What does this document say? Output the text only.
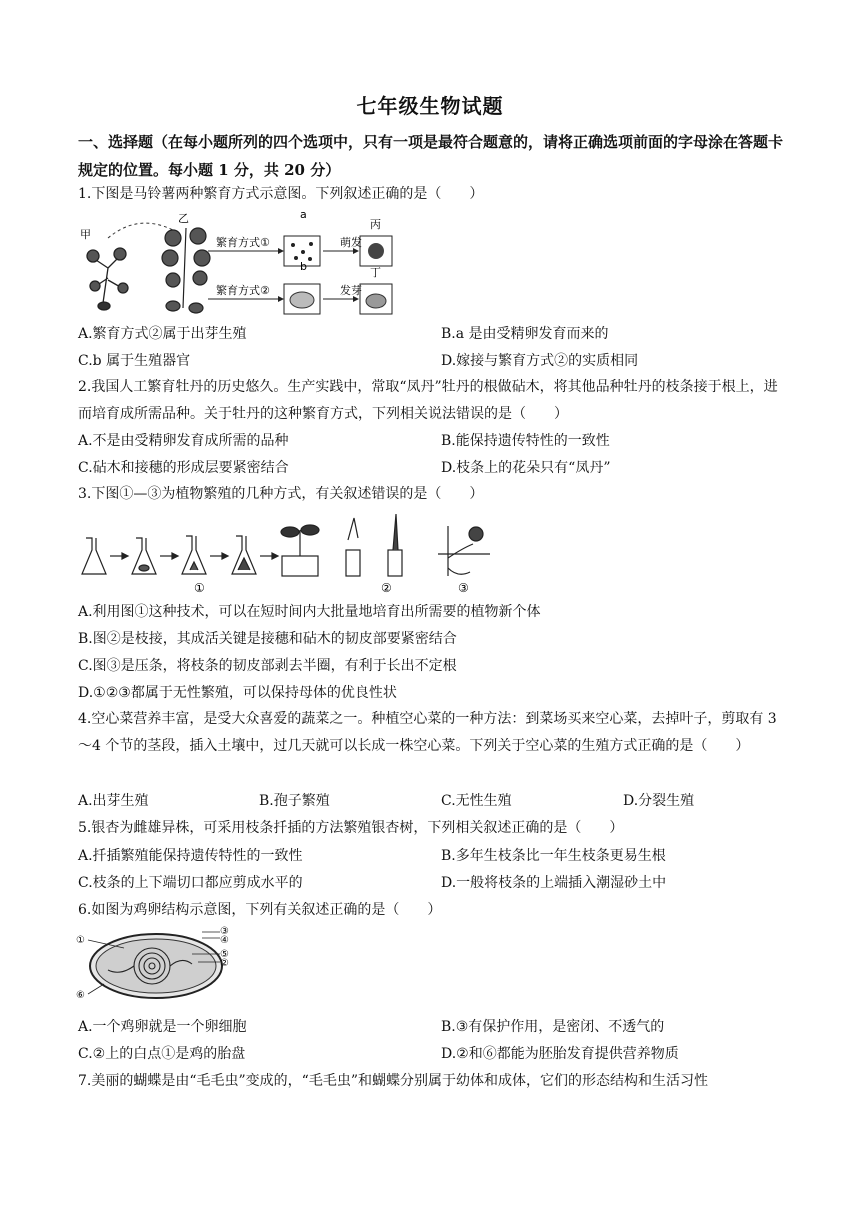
七年级生物试题
一、选择题（在每小题所列的四个选项中，只有一项是最符合题意的，请将正确选项前面的字母涂在答题卡规定的位置。每小题 1 分，共 20 分）
1.下图是马铃薯两种繁育方式示意图。下列叙述正确的是（　　）
甲
乙
繁育方式①
a
萌发
丙
繁育方式②
b
发芽
丁
A.繁育方式②属于出芽生殖	B.a 是由受精卵发育而来的
C.b 属于生殖器官	D.嫁接与繁育方式②的实质相同
2.我国人工繁育牡丹的历史悠久。生产实践中，常取“凤丹”牡丹的根做砧木，将其他品种牡丹的枝条接于根上，进而培育成所需品种。关于牡丹的这种繁育方式，下列相关说法错误的是（　　）
A.不是由受精卵发育成所需的品种	B.能保持遗传特性的一致性
C.砧木和接穗的形成层要紧密结合	D.枝条上的花朵只有“凤丹”
3.下图①—③为植物繁殖的几种方式，有关叙述错误的是（　　）
①	②	③
A.利用图①这种技术，可以在短时间内大批量地培育出所需要的植物新个体
B.图②是枝接，其成活关键是接穗和砧木的韧皮部要紧密结合
C.图③是压条，将枝条的韧皮部剥去半圈，有利于长出不定根
D.①②③都属于无性繁殖，可以保持母体的优良性状
4.空心菜营养丰富，是受大众喜爱的蔬菜之一。种植空心菜的一种方法：到菜场买来空心菜，去掉叶子，剪取有 3～4 个节的茎段，插入土壤中，过几天就可以长成一株空心菜。下列关于空心菜的生殖方式正确的是（　　）
A.出芽生殖	B.孢子繁殖	C.无性生殖	D.分裂生殖
5.银杏为雌雄异株，可采用枝条扦插的方法繁殖银杏树，下列相关叙述正确的是（　　）
A.扦插繁殖能保持遗传特性的一致性	B.多年生枝条比一年生枝条更易生根
C.枝条的上下端切口都应剪成水平的	D.一般将枝条的上端插入潮湿砂土中
6.如图为鸡卵结构示意图，下列有关叙述正确的是（　　）
①
③
④
⑤
②
⑥
A.一个鸡卵就是一个卵细胞	B.③有保护作用，是密闭、不透气的
C.②上的白点①是鸡的胎盘	D.②和⑥都能为胚胎发育提供营养物质
7.美丽的蝴蝶是由“毛毛虫”变成的，“毛毛虫”和蝴蝶分别属于幼体和成体，它们的形态结构和生活习性
